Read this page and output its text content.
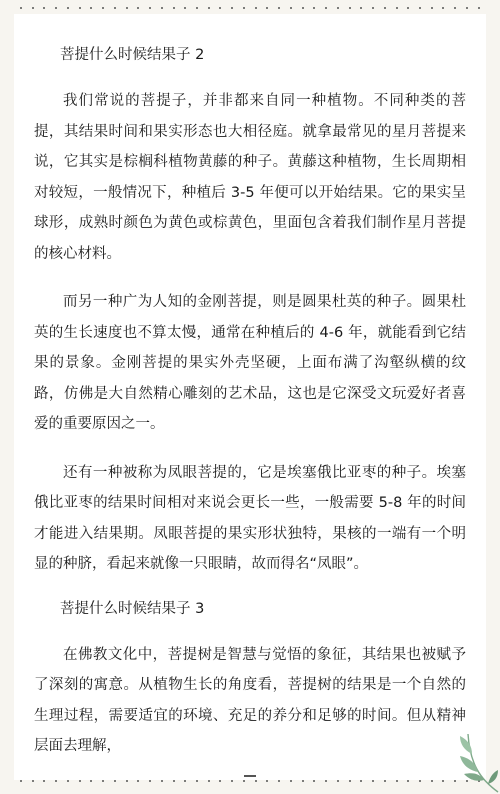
菩提什么时候结果子 2

我们常说的菩提子，并非都来自同一种植物。不同种类的菩提，其结果时间和果实形态也大相径庭。就拿最常见的星月菩提来说，它其实是棕榈科植物黄藤的种子。黄藤这种植物，生长周期相对较短，一般情况下，种植后 3-5 年便可以开始结果。它的果实呈球形，成熟时颜色为黄色或棕黄色，里面包含着我们制作星月菩提的核心材料。

而另一种广为人知的金刚菩提，则是圆果杜英的种子。圆果杜英的生长速度也不算太慢，通常在种植后的 4-6 年，就能看到它结果的景象。金刚菩提的果实外壳坚硬，上面布满了沟壑纵横的纹路，仿佛是大自然精心雕刻的艺术品，这也是它深受文玩爱好者喜爱的重要原因之一。

还有一种被称为凤眼菩提的，它是埃塞俄比亚枣的种子。埃塞俄比亚枣的结果时间相对来说会更长一些，一般需要 5-8 年的时间才能进入结果期。凤眼菩提的果实形状独特，果核的一端有一个明显的种脐，看起来就像一只眼睛，故而得名“凤眼”。

菩提什么时候结果子 3

在佛教文化中，菩提树是智慧与觉悟的象征，其结果也被赋予了深刻的寓意。从植物生长的角度看，菩提树的结果是一个自然的生理过程，需要适宜的环境、充足的养分和足够的时间。但从精神层面去理解，
